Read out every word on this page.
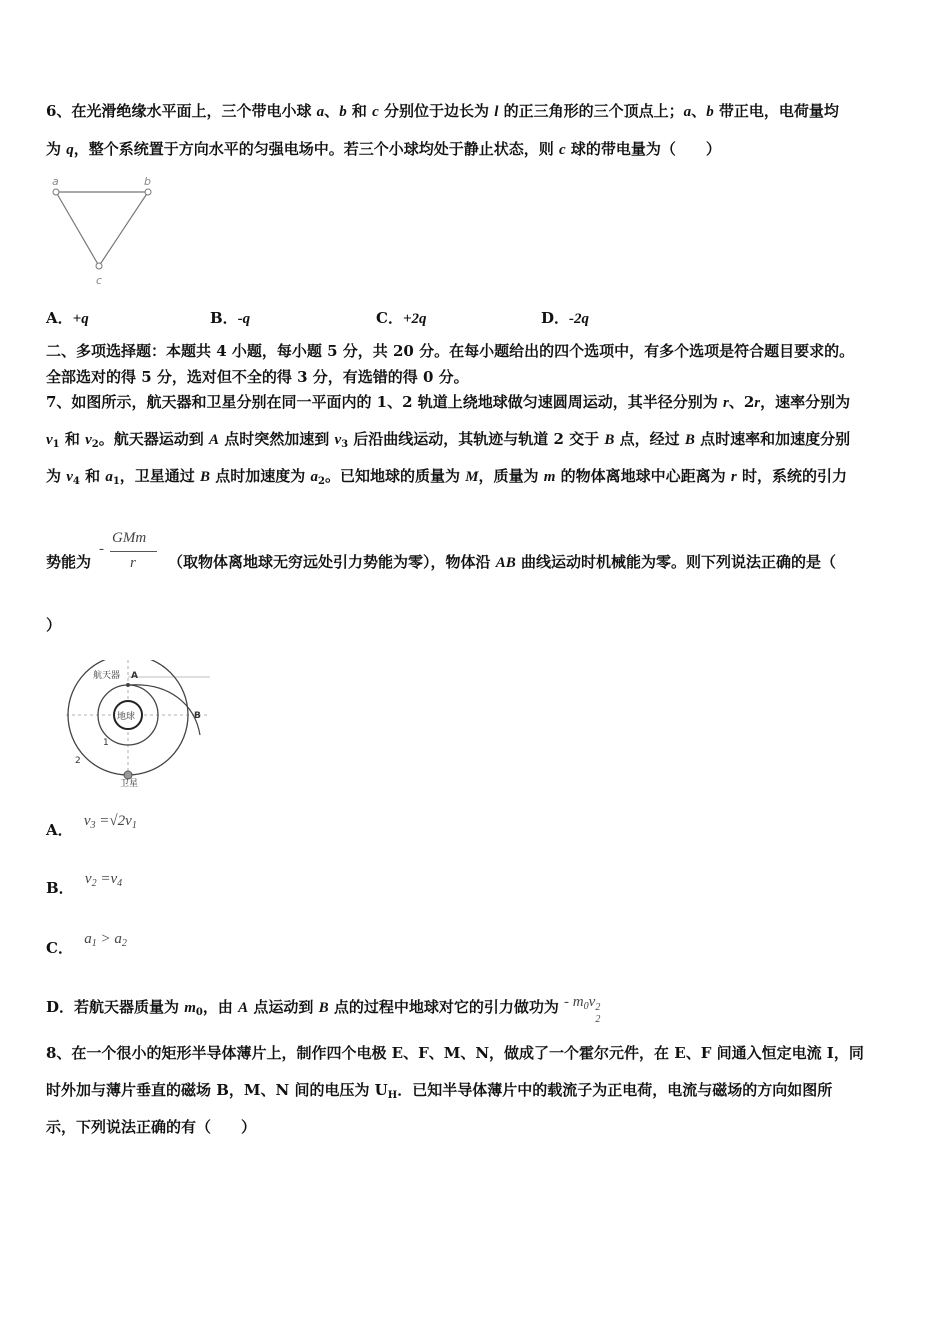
6、在光滑绝缘水平面上，三个带电小球 a、b 和 c 分别位于边长为 l 的正三角形的三个顶点上；a、b 带正电，电荷量均
为 q，整个系统置于方向水平的匀强电场中。若三个小球均处于静止状态，则 c 球的带电量为（　　）
a	b
c
A．+q	B．-q	C．+2q	D．-2q
二、多项选择题：本题共 4 小题，每小题 5 分，共 20 分。在每小题给出的四个选项中，有多个选项是符合题目要求的。
全部选对的得 5 分，选对但不全的得 3 分，有选错的得 0 分。
7、如图所示，航天器和卫星分别在同一平面内的 1、2 轨道上绕地球做匀速圆周运动，其半径分别为 r、2r，速率分别为
$v_1$ 和 $v_2$。航天器运动到 A 点时突然加速到 $v_3$ 后沿曲线运动，其轨迹与轨道 2 交于 B 点，经过 B 点时速率和加速度分别
为 $v_4$ 和 $a_1$，卫星通过 B 点时加速度为 $a_2$。已知地球的质量为 M，质量为 m 的物体离地球中心距离为 r 时，系统的引力
势能为
-
GMm
r （取物体离地球无穷远处引力势能为零），物体沿 AB 曲线运动时机械能为零。则下列说法正确的是（
）
航天器 A
地球	B
1
2
卫星
A． $v_3 =√2v_1$
B． $v_2 =v_4$
C． $a_1 > a_2$
D．若航天器质量为 $m_0$，由 A 点运动到 B 点的过程中地球对它的引力做功为 - $m_0v$
2
2
8、在一个很小的矩形半导体薄片上，制作四个电极 E、F、M、N，做成了一个霍尔元件，在 E、F 间通入恒定电流 I，同
时外加与薄片垂直的磁场 B，M、N 间的电压为 $U_H$．已知半导体薄片中的载流子为正电荷，电流与磁场的方向如图所
示，下列说法正确的有（　　）
